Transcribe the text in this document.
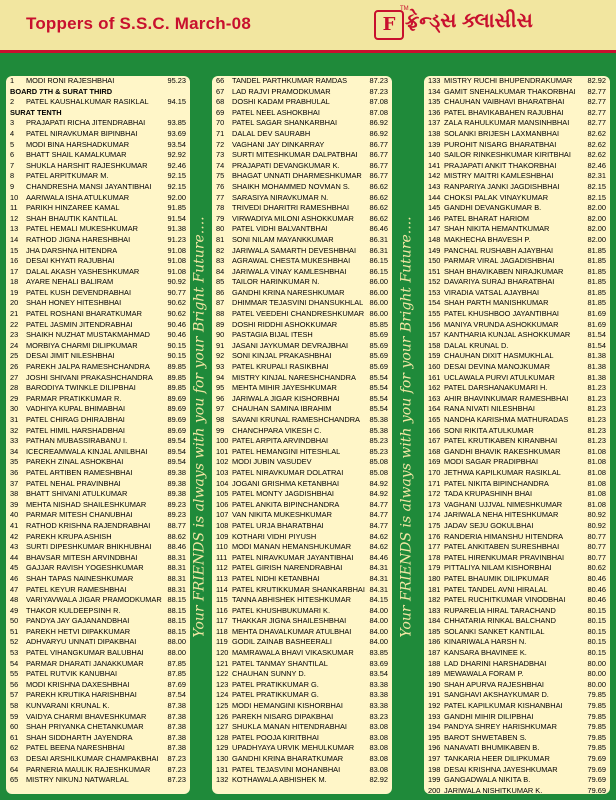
Toppers of S.S.C. March-08	F
TM
ફ્રેન્ડ્સ ક્લાસીસ
Your FRIENDS is always with you for your Bright Future....	Your FRIENDS is always with you for your Bright Future....
1	MODI RONI RAJESHBHAI	95.23
BOARD 7TH & SURAT THIRD
2	PATEL KAUSHALKUMAR RASIKLAL	94.15
SURAT TENTH
3	PRAJAPATI RICHA JITENDRABHAI	93.85
4	PATEL NIRAVKUMAR BIPINBHAI	93.69
5	MODI BINA HARSHADKUMAR	93.54
6	BHATT SHAIL KAMALKUMAR	92.92
7	SHUKLA HARSHIT RAJESHKUMAR	92.46
8	PATEL ARPITKUMAR M.	92.15
9	CHANDRESHA MANSI JAYANTIBHAI	92.15
10	AARIWALA ISHA ATULKUMAR	92.00
11	PARIKH HINZAREE KAMAL	91.85
12	SHAH BHAUTIK KANTILAL	91.54
13	PATEL HEMALI MUKESHKUMAR	91.38
14	RATHOD JIGNA HARESHBHAI	91.23
15	JHA DARSHNA HITENDRA	91.08
16	DESAI KHYATI RAJUBHAI	91.08
17	DALAL AKASH YASHESHKUMAR	91.08
18	AYARE NEHALI BALIRAM	90.92
19	PATEL KUSH DEVENDRABHAI	90.77
20	SHAH HONEY HITESHBHAI	90.62
21	PATEL ROSHANI BHARATKUMAR	90.62
22	PATEL JASMIN JITENDRABHAI	90.46
23	SHAIKH NUZHAT MUSTAKMAHMAD	90.46
24	MORBIYA CHARMI DILIPKUMAR	90.15
25	DESAI JIMIT NILESHBHAI	90.15
26	PAREKH JALPA RAMESHCHANDRA	89.85
27	JOSHI SHIVANI PRAKASHCHANDRA	89.85
28	BARODIYA TWINKLE DILIPBHAI	89.85
29	PARMAR PRATIKKUMAR R.	89.69
30	VADHIYA KUPAL BHIMABHAI	89.69
31	PATEL CHIRAG DHIRAJBHAI	89.69
32	PATEL HIMIL HARSHADBHAI	89.69
33	PATHAN MUBASSIRABANU I.	89.54
34	ICECREAMWALA KINJAL ANILBHAI	89.54
35	PAREKH ZINAL ASHOKBHAI	89.54
36	PATEL ARTIBEN RAMESHBHAI	89.38
37	PATEL NEHAL PRAVINBHAI	89.38
38	BHATT SHIVANI ATULKUMAR	89.38
39	MEHTA NISHAD SHAILESHKUMAR	89.23
40	PARMAR MITESH CHANUBHAI	89.23
41	RATHOD KRISHNA RAJENDRABHAI	88.77
42	PAREKH KRUPA ASHISH	88.62
43	SURTI DIPESHKUMAR BHIKHUBHAI	88.46
44	BHAVSAR MITESH ARVINDBHAI	88.31
45	GAJJAR RAVISH YOGESHKUMAR	88.31
46	SHAH TAPAS NAINESHKUMAR	88.31
47	PATEL KEYUR RAMESHBHAI	88.31
48	VARIYAVWALA JIGAR PRAMODKUMAR 88.15
49	THAKOR KULDEEPSINH R.	88.15
50	PANDYA JAY GAJANANDBHAI	88.15
51	PAREKH HETVI DIPAKKUMAR	88.15
52	ADHVARYU UNNATI DIPAKBHAI	88.00
53	PATEL VIHANGKUMAR BALUBHAI	88.00
54	PARMAR DHARATI JANAKKUMAR	87.85
55	PATEL RUTVIK KANUBHAI	87.85
56	MODI KRISHNA DAXESHBHAI	87.69
57	PAREKH KRUTIKA HARISHBHAI	87.54
58	KUNVARANI KRUNAL K.	87.38
59	VAIDYA CHARMI BHAVESHKUMAR	87.38
60	SHAH PRIYANKA CHETANKUMAR	87.38
61	SHAH SIDDHARTH JAYENDRA	87.38
62	PATEL BEENA NARESHBHAI	87.38
63	DESAI ARSHILKUMAR CHAMPAKBHAI	87.23
64	PARNERIA MAULIK RAJESHKUMAR	87.23
65	MISTRY NIKUNJ NATWARLAL	87.23
66	TANDEL PARTHKUMAR RAMDAS	87.23
67	LAD RAJVI PRAMODKUMAR	87.23
68	DOSHI KADAM PRABHULAL	87.08
69	PATEL NEEL ASHOKBHAI	87.08
70	PATEL SAGAR SHANKARBHAI	86.92
71	DALAL DEV SAURABH	86.92
72	VAGHANI JAY DINKARRAY	86.77
73	SURTI MITESHKUMAR DALPATBHAI	86.77
74	PRAJAPATI DEVANGKUMAR K.	86.77
75	BHAGAT UNNATI DHARMESHKUMAR	86.77
76	SHAIKH MOHAMMED NOVMAN S.	86.62
77	SARASIYA NIRAVKUMAR N.	86.62
78	TRIVEDI DHARITRI RAMESHBHAI	86.62
79	VIRWADIYA MILONI ASHOKKUMAR	86.62
80	PATEL VIDHI BALVANTBHAI	86.46
81	SONI NILAM MAYANKKUMAR	86.31
82	JARIWALA SAMARTH DEVESHBHAI	86.31
83	AGRAWAL CHESTA MUKESHBHAI	86.15
84	JARIWALA VINAY KAMLESHBHAI	86.15
85	TAILOR HARINKUMAR N.	86.00
86	GANDHI KRINA NARESHKUMAR	86.00
87	DHIMMAR TEJASVINI DHANSUKHLAL 86.00
88	PATEL VEEDEHI CHANDRESHKUMAR 86.00
89	DOSHI RIDDHI ASHOKKUMAR	85.85
90	PASTAGIA BIJAL ITESH	85.69
91	JASANI JAYKUMAR DEVRAJBHAI	85.69
92	SONI KINJAL PRAKASHBHAI	85.69
93	PATEL KRUPALI RASIKBHAI	85.69
94	MISTRY KINJAL NARESHCHANDRA	85.54
95	MEHTA MIHIR JAYESHKUMAR	85.54
96	JARIWALA JIGAR KISHORBHAI	85.54
97	CHAUHAN SAMINA IBRAHIM	85.54
98	SAVANI KRUNAL RAMESHCHANDRA	85.38
99	CHANCHPARA VIKESH C.	85.38
100 PATEL ARPITA ARVINDBHAI	85.23
101 PATEL HEMANGINI HITESHLAL	85.23
102 MODI JUBIN VASUDEV	85.08
103 PATEL NIRAVKUMAR DOLATRAI	85.08
104 JOGANI GRISHMA KETANBHAI	84.92
105 PATEL MONTY JAGDISHBHAI	84.92
106 PATEL ANKITA BIPINCHANDRA	84.77
107 VAN NIKITA MUKESHKUMAR	84.77
108 PATEL URJA BHARATBHAI	84.77
109 KOTHARI VIDHI PIYUSH	84.62
110 MODI MANAN HEMANSHUKUMAR	84.62
111 PATEL NIRAVKUMAR JAYANTIBHAI	84.46
112 PATEL GIRISH NARENDRABHAI	84.31
113 PATEL NIDHI KETANBHAI	84.31
114 PATEL KRUTIKKUMAR SHANKARBHAI 84.31
115 TANNA ABHISHEK HITESHKUMAR	84.15
116 PATEL KHUSHBUKUMARI K.	84.00
117 THAKKAR JIGNA SHAILESHBHAI	84.00
118 MEHTA DHAVALKUMAR ATULBHAI	84.00
119 GODIL ZAINAB BASHEERALI	84.00
120 MAMRAWALA BHAVI VIKASKUMAR	83.85
121 PATEL TANMAY SHANTILAL	83.69
122 CHAUHAN SUNNY D.	83.54
123 PATEL PRATIKKUMAR G.	83.38
124 PATEL PRATIKKUMAR G.	83.38
125 MODI HEMANGINI KISHORBHAI	83.38
126 PAREKH NISARG DIPAKBHAI	83.23
127 SHUKLA MANAN HITENDRABHAI	83.08
128 PATEL POOJA KIRITBHAI	83.08
129 UPADHYAYA URVIK MEHULKUMAR	83.08
130 GANDHI KRINA BHARATKUMAR	83.08
131 PATEL TEJASVINI MOHANBHAI	83.08
132 KOTHAWALA ABHISHEK M.	82.92
133 MISTRY RUCHI BHUPENDRAKUMAR	82.92
134 GAMIT SNEHALKUMAR THAKORBHAI	82.77
135 CHAUHAN VAIBHAVI BHARATBHAI	82.77
136 PATEL BHAVIKABAHEN RAJUBHAI	82.77
137 ZALA RAHULKUMAR MANSINHBHAI	82.77
138 SOLANKI BRIJESH LAXMANBHAI	82.62
139 PUROHIT NISARG BHARATBHAI	82.62
140 SAILOR RINKESHKUMAR KIRITBHAI	82.62
141 PRAJAPATI ANKIT THAKORBHAI	82.46
142 MISTRY MAITRI KAMLESHBHAI	82.31
143 RANPARIYA JANKI JAGDISHBHAI	82.15
144 CHOKSI PALAK VINAYKUMAR	82.15
145 GANDHI DEVANGKUMAR B.	82.00
146 PATEL BHARAT HARIOM	82.00
147 SHAH NIKITA HEMANTKUMAR	82.00
148 MAKHECHA BHAVESH P.	82.00
149 PANCHAL RUSHABH AJAYBHAI	81.85
150 PARMAR VIRAL JAGADISHBHAI	81.85
151 SHAH BHAVIKABEN NIRAJKUMAR	81.85
152 DAVARIYA SURAJ BHARATBHAI	81.85
153 VIRADIA VATSAL AJAYBHAI	81.85
154 SHAH PARTH MANISHKUMAR	81.85
155 PATEL KHUSHBOO JAYANTIBHAI	81.69
156 MANIYA VRUNDA ASHOKKUMAR	81.69
157 KANTHARIA KUNJAL ASHOKKUMAR	81.54
158 DALAL KRUNAL D.	81.54
159 CHAUHAN DIXIT HASMUKHLAL	81.38
160 DESAI DEVINA MANOJKUMAR	81.38
161 UCLAWALA PURVI ATULKUMAR	81.38
162 PATEL DARSHANAKUMARI H.	81.23
163 AHIR BHAVINKUMAR RAMESHBHAI	81.23
164 RANA NIVATI NILESHBHAI	81.23
165 NANDHA KARISHMA MATHURADAS	81.23
166 SONI RIKITA ATULKUMAR	81.23
167 PATEL KRUTIKABEN KIRANBHAI	81.23
168 GANDHI BHAVIK RAKESHKUMAR	81.08
169 MODI SAGAR PRADIPBHAI	81.08
170 JETHWA KAPILKUMAR RASIKLAL	81.08
171 PATEL NIKITA BIPINCHANDRA	81.08
172 TADA KRUPASHINH BHAI	81.08
173 VAGHANI UJJVAL NIMESHKUMAR	81.08
174 JARIWALA NEHA HITESHKUMAR	80.92
175 JADAV SEJU GOKULBHAI	80.92
176 RANDERIA HIMANSHU HITENDRA	80.77
177 PATEL ANKITABEN SURESHBHAI	80.77
178 PATEL HIRENKUMAR PRAVINBHAI	80.77
179 PITTALIYA NILAM KISHORBHAI	80.62
180 PATEL BHAUMIK DILIPKUMAR	80.46
181 PATEL TANDEL AVNI HIRALAL	80.46
182 PATEL RUCHITKUMAR VINODBHAI	80.46
183 RUPARELIA HIRAL TARACHAND	80.15
184 CHHATARIA RINKAL BALCHAND	80.15
185 SOLANKI SANKET KANTILAL	80.15
186 KINARIWALA HARSH N.	80.15
187 KANSARA BHAVINEE K.	80.15
188 LAD DHARINI HARSHADBHAI	80.00
189 MEWAWALA FORAM P.	80.00
190 SHAH APURVA RAJESHBHAI	80.00
191 SANGHAVI AKSHAYKUMAR D.	79.85
192 PATEL KAPILKUMAR KISHANBHAI	79.85
193 GANDHI MIHIR DILIPBHAI	79.85
194 PANDYA SHREY HARISHKUMAR	79.85
195 BAROT SHWETABEN S.	79.85
196 NANAVATI BHUMIKABEN B.	79.85
197 TANKARIA HEER DILIPKUMAR	79.69
198 DESAI KRISHNA JAYESHKUMAR	79.69
199 GANGADWALA NIKITA B.	79.69
200 JARIWALA NISHITKUMAR K.	79.69
